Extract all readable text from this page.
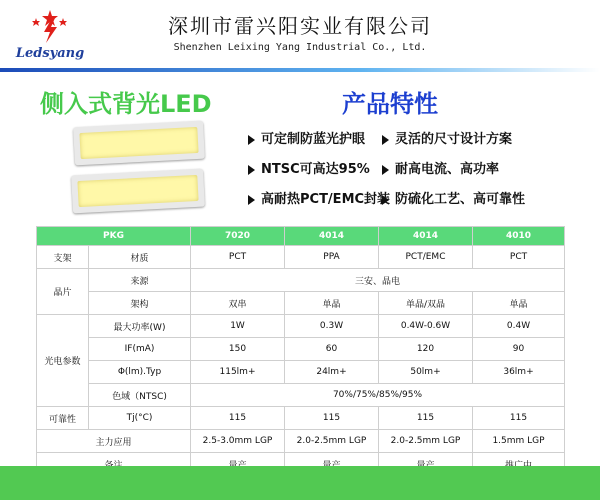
Ledsyang
深圳市雷兴阳实业有限公司
Shenzhen Leixing Yang Industrial Co., Ltd.
侧入式背光LED	产品特性
可定制防蓝光护眼	灵活的尺寸设计方案
NTSC可高达95%	耐高电流、高功率
高耐热PCT/EMC封装 防硫化工艺、高可靠性
PKG		7020	4014	4014	4010
支架	材质	PCT	PPA	PCT/EMC	PCT
晶片	来源	三安、晶电			
	架构	双串	单晶	单晶/双晶	单晶
光电参数	最大功率(W)	1W	0.3W	0.4W-0.6W	0.4W
	IF(mA)	150	60	120	90
	Φ(lm).Typ	115lm+	24lm+	50lm+	36lm+
	色域（NTSC)	70%/75%/85%/95%			
可靠性	Tj(°C)	115	115	115	115
主力应用		2.5-3.0mm LGP	2.0-2.5mm LGP	2.0-2.5mm LGP	1.5mm LGP
